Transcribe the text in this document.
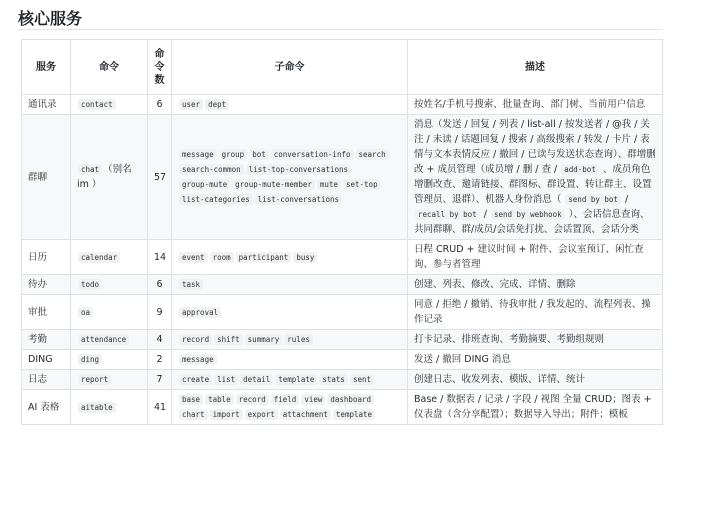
核心服务
服务	命令	命令数	子命令	描述
通讯录	contact	6	user dept	按姓名/手机号搜索、批量查询、部门树、当前用户信息
群聊	chat （别名 im ）	57	message group bot conversation-info searchsearch-common list-top-conversationsgroup-mute group-mute-member mute set-toplist-categories list-conversations	消息（发送 / 回复 / 列表 / list-all / 按发送者 / @我 / 关注 / 未读 / 话题回复 / 搜索 / 高级搜索 / 转发 / 卡片 / 表情与文本表情反应 / 撤回 / 已读与发送状态查询）、群增删改 + 成员管理（成员增 / 删 / 查 / add-bot 、成员角色增删改查、邀请链接、群图标、群设置、转让群主、设置管理员、退群）、机器人身份消息（ send by bot / recall by bot / send by webhook ）、会话信息查询、共同群聊、群/成员/会话免打扰、会话置顶、会话分类
日历	calendar	14	event room participant busy	日程 CRUD + 建议时间 + 附件、会议室预订、闲忙查询、参与者管理
待办	todo	6	task	创建、列表、修改、完成、详情、删除
审批	oa	9	approval	同意 / 拒绝 / 撤销、待我审批 / 我发起的、流程列表、操作记录
考勤	attendance	4	record shift summary rules	打卡记录、排班查询、考勤摘要、考勤组规则
DING	ding	2	message	发送 / 撤回 DING 消息
日志	report	7	create list detail template stats sent	创建日志、收发列表、模版、详情、统计
AI 表格	aitable	41	base table record field view dashboardchart import export attachment template	Base / 数据表 / 记录 / 字段 / 视图 全量 CRUD；图表 + 仪表盘（含分享配置）；数据导入导出；附件；模板
